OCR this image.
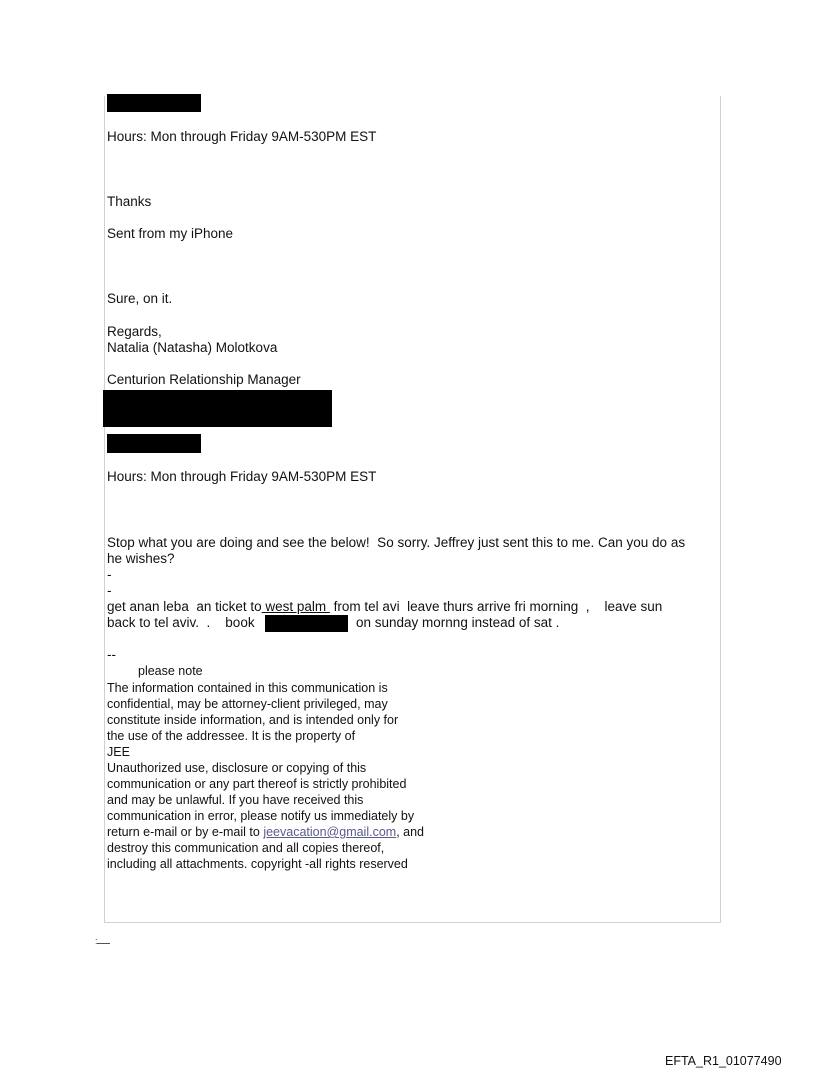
Hours: Mon through Friday 9AM-530PM EST
Thanks
Sent from my iPhone
Sure, on it.
Regards,
Natalia (Natasha) Molotkova
Centurion Relationship Manager
Hours: Mon through Friday 9AM-530PM EST
Stop what you are doing and see the below!  So sorry. Jeffrey just sent this to me. Can you do as
he wishes?
-
-
get anan leba  an ticket to west palm  from tel avi  leave thurs arrive fri morning  ,    leave sun
back to tel aviv.  .    book	on sunday mornng instead of sat .
--
please note
The information contained in this communication is
confidential, may be attorney-client privileged, may
constitute inside information, and is intended only for
the use of the addressee. It is the property of
JEE
Unauthorized use, disclosure or copying of this
communication or any part thereof is strictly prohibited
and may be unlawful. If you have received this
communication in error, please notify us immediately by
return e-mail or by e-mail to jeevacation@gmail.com, and
destroy this communication and all copies thereof,
including all attachments. copyright -all rights reserved
:
EFTA_R1_01077490
